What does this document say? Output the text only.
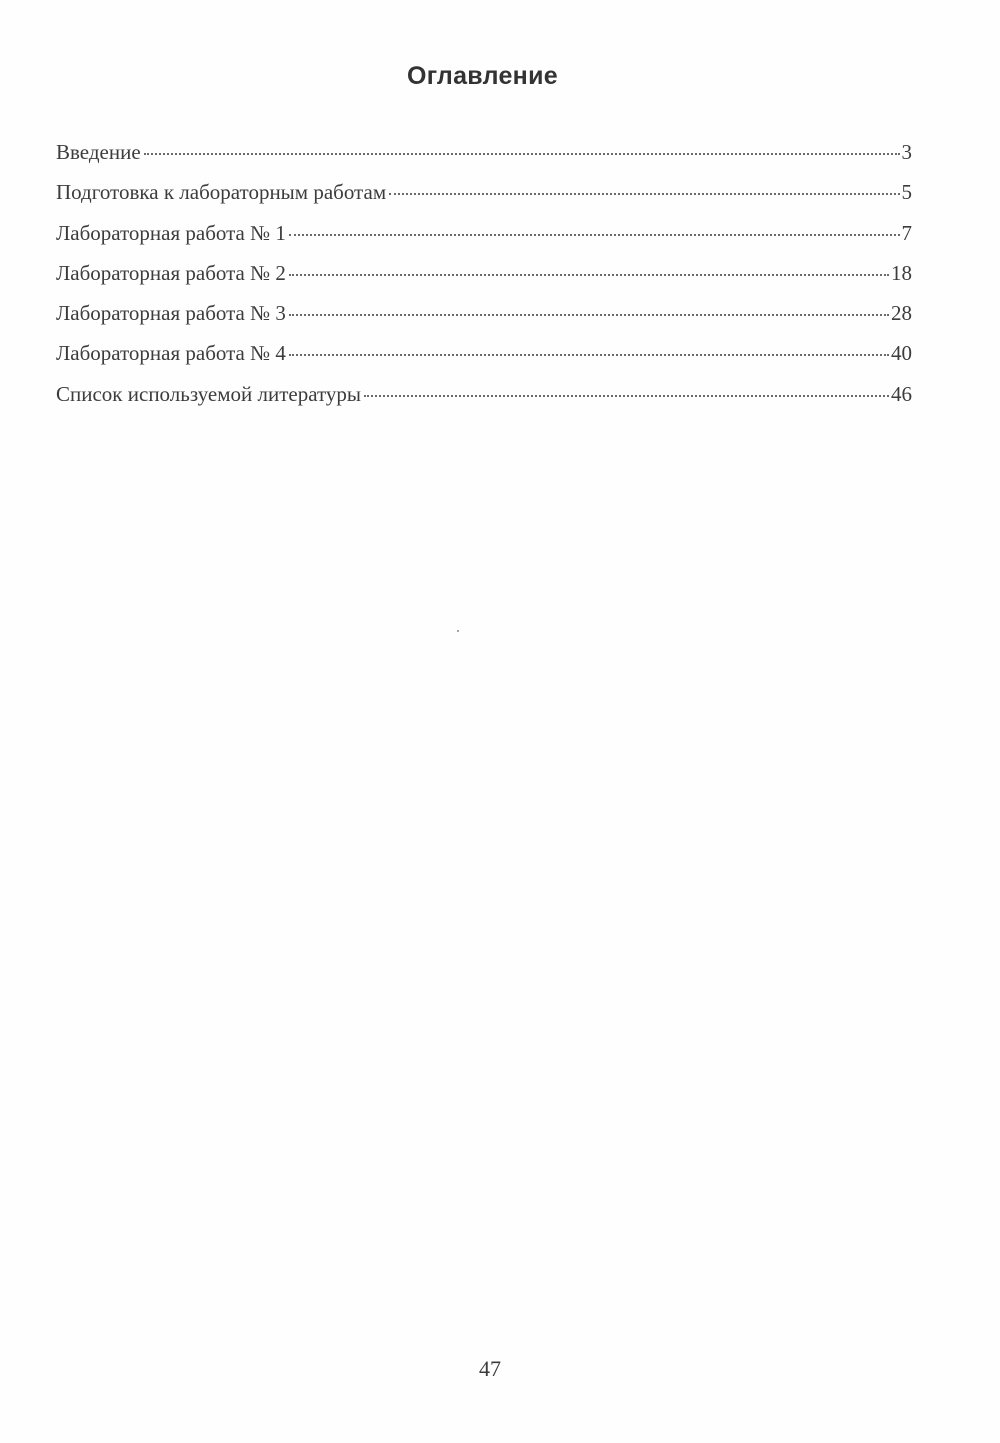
Оглавление
Введение	3
Подготовка к лабораторным работам	5
Лабораторная работа № 1	7
Лабораторная работа № 2	18
Лабораторная работа № 3	28
Лабораторная работа № 4	40
Список используемой литературы	46
47
